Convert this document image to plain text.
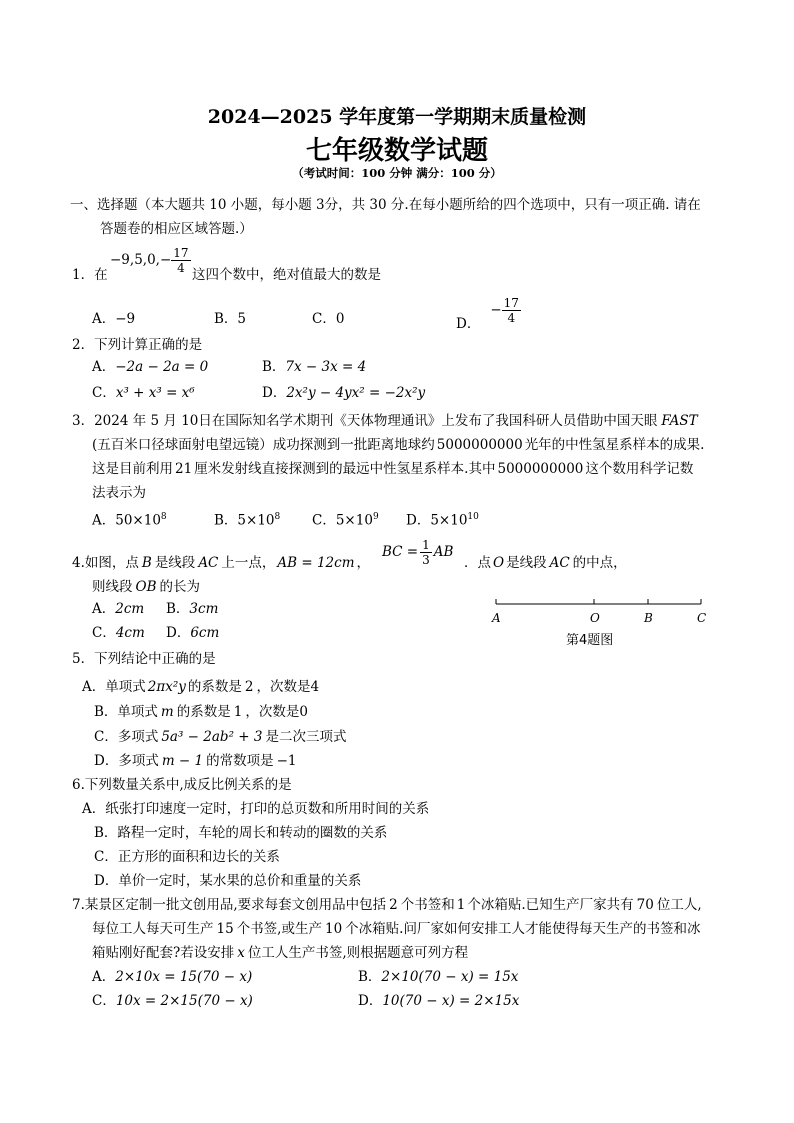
2024—2025 学年度第一学期期末质量检测
七年级数学试题
（考试时间：100 分钟 满分：100 分）
一、选择题（本大题共 10 小题，每小题 3分，共 30 分.在每小题所给的四个选项中，只有一项正确. 请在
答题卷的相应区域答题.）
$-9,5,0,- \frac{17}{4}$
1．在	这四个数中，绝对值最大的数是
A．−9	B．5	C．0	D．− $\frac{17}{4}$
2．下列计算正确的是
A．−2a − 2a = 0	B．7x − 3x = 4
C．x³ + x³ = x⁶	D．2x²y − 4yx² = −2x²y
3．2024 年 5 月 10日在国际知名学术期刊《天体物理通讯》上发布了我国科研人员借助中国天眼 FAST
(五百米口径球面射电望远镜）成功探测到一批距离地球约 5000000000 光年的中性氢星系样本的成果.
这是目前利用 21 厘米发射线直接探测到的最远中性氢星系样本.其中 5000000000 这个数用科学记数
法表示为
A．$50\times 10^8$	B．$5\times 10^8$ C．$5\times 10^9$ D．$5\times 10^{10}$
4.如图，点 B 是线段 AC 上一点， AB = 12cm ，
BC = $\frac{1}{3}$ AB
．点 O 是线段 AC 的中点，
则线段 OB 的长为
A．2cm B．3cm
C．4cm D．6cm
A	O	B	C
第4题图
5．下列结论中正确的是
A．单项式 2πx²y 的系数是 2 ，次数是4
B．单项式 m 的系数是 1 ，次数是0
C．多项式 5a³ − 2ab² + 3 是二次三项式
D．多项式 m − 1 的常数项是 −1
6.下列数量关系中,成反比例关系的是
A．纸张打印速度一定时，打印的总页数和所用时间的关系
B．路程一定时，车轮的周长和转动的圈数的关系
C．正方形的面积和边长的关系
D．单价一定时，某水果的总价和重量的关系
7.某景区定制一批文创用品,要求每套文创用品中包括 2 个书签和 1 个冰箱贴.已知生产厂家共有 70 位工人,
每位工人每天可生产 15 个书签,或生产 10 个冰箱贴.问厂家如何安排工人才能使得每天生产的书签和冰
箱贴刚好配套?若设安排 x 位工人生产书签,则根据题意可列方程
A．2×10x = 15(70 − x)	B．2×10(70 − x) = 15x
C．10x = 2×15(70 − x)	D．10(70 − x) = 2×15x
